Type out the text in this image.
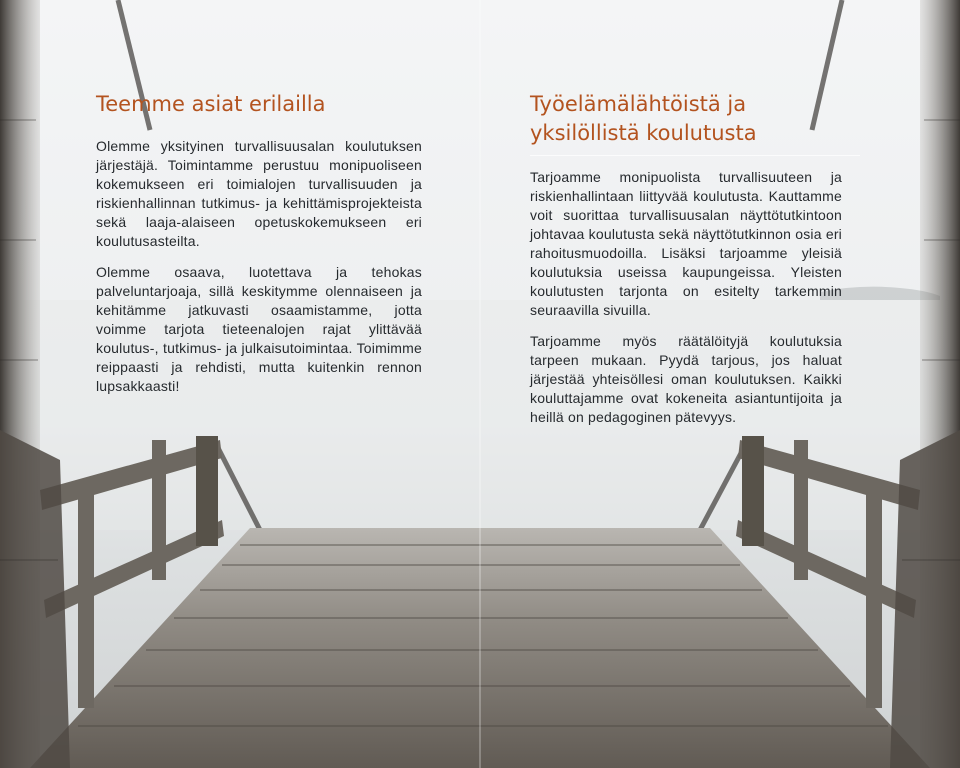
Teemme asiat erilailla

Olemme yksityinen turvallisuusalan koulutuksen järjestäjä. Toimintamme perustuu monipuoliseen kokemukseen eri toimialojen turvallisuuden ja riskienhallinnan tutkimus- ja kehittämisprojekteista sekä laaja-alaiseen opetuskokemukseen eri koulutusasteilta.

Olemme osaava, luotettava ja tehokas palveluntarjoaja, sillä keskitymme olennaiseen ja kehitämme jatkuvasti osaamistamme, jotta voimme tarjota tieteenalojen rajat ylittävää koulutus-, tutkimus- ja julkaisutoimintaa. Toimimme reippaasti ja rehdisti, mutta kuitenkin rennon lupsakkaasti!

Työelämälähtöistä ja yksilöllistä koulutusta

Tarjoamme monipuolista turvallisuuteen ja riskienhallintaan liittyvää koulutusta. Kauttamme voit suorittaa turvallisuusalan näyttötutkintoon johtavaa koulutusta sekä näyttötutkinnon osia eri rahoitusmuodoilla. Lisäksi tarjoamme yleisiä koulutuksia useissa kaupungeissa. Yleisten koulutusten tarjonta on esitelty tarkemmin seuraavilla sivuilla.

Tarjoamme myös räätälöityjä koulutuksia tarpeen mukaan. Pyydä tarjous, jos haluat järjestää yhteisöllesi oman koulutuksen. Kaikki kouluttajamme ovat kokeneita asiantuntijoita ja heillä on pedagoginen pätevyys.
